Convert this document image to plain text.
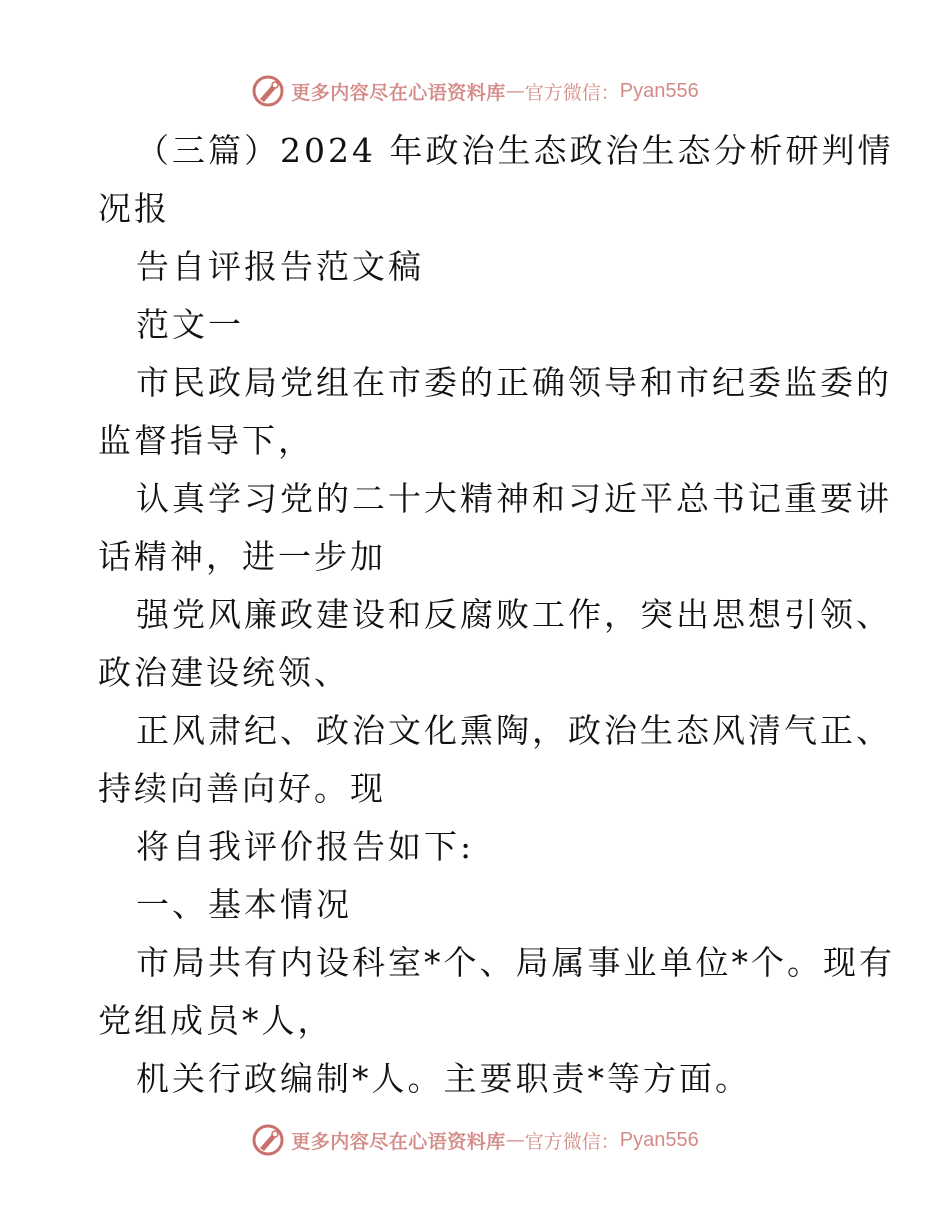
更多内容尽在心语资料库 — 官方微信： Pyan556
（三篇）2024 年政治生态政治生态分析研判情
况报
告自评报告范文稿
范文一
市民政局党组在市委的正确领导和市纪委监委的
监督指导下，
认真学习党的二十大精神和习近平总书记重要讲
话精神，进一步加
强党风廉政建设和反腐败工作，突出思想引领、
政治建设统领、
正风肃纪、政治文化熏陶，政治生态风清气正、
持续向善向好。现
将自我评价报告如下:
一、基本情况
市局共有内设科室*个、局属事业单位*个。现有
党组成员*人，
机关行政编制*人。主要职责*等方面。
更多内容尽在心语资料库 — 官方微信： Pyan556
